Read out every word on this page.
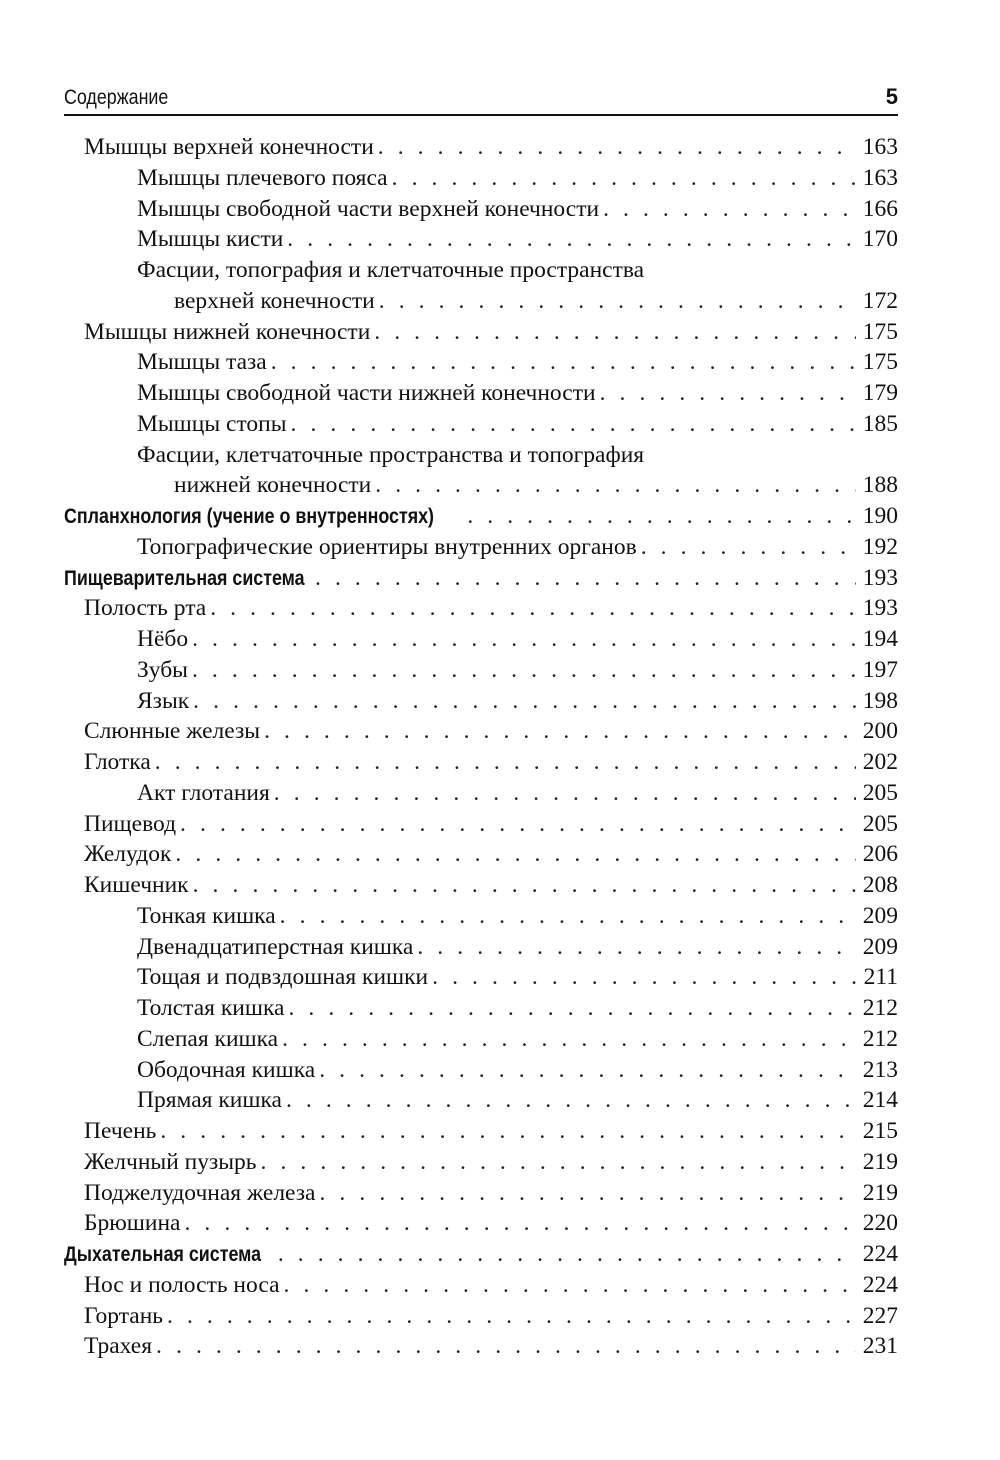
Содержание	5
Мышцы верхней конечности . . .	163
Мышцы плечевого пояса . . .	163
Мышцы свободной части верхней конечности . . .	166
Мышцы кисти . . .	170
Фасции, топография и клетчаточные пространства
верхней конечности . . .	172
Мышцы нижней конечности . . .	175
Мышцы таза . . .	175
Мышцы свободной части нижней конечности . . .	179
Мышцы стопы . . .	185
Фасции, клетчаточные пространства и топография
нижней конечности . . .	188
Спланхнология (учение о внутренностях) . . .	190
Топографические ориентиры внутренних органов . . .	192
Пищеварительная система . . .	193
Полость рта . . .	193
Нёбо . . .	194
Зубы . . .	197
Язык . . .	198
Слюнные железы . . .	200
Глотка . . .	202
Акт глотания . . .	205
Пищевод . . .	205
Желудок . . .	206
Кишечник . . .	208
Тонкая кишка . . .	209
Двенадцатиперстная кишка . . .	209
Тощая и подвздошная кишки . . .	211
Толстая кишка . . .	212
Слепая кишка . . .	212
Ободочная кишка . . .	213
Прямая кишка . . .	214
Печень . . .	215
Желчный пузырь . . .	219
Поджелудочная железа . . .	219
Брюшина . . .	220
Дыхательная система . . .	224
Нос и полость носа . . .	224
Гортань . . .	227
Трахея . . .	231
